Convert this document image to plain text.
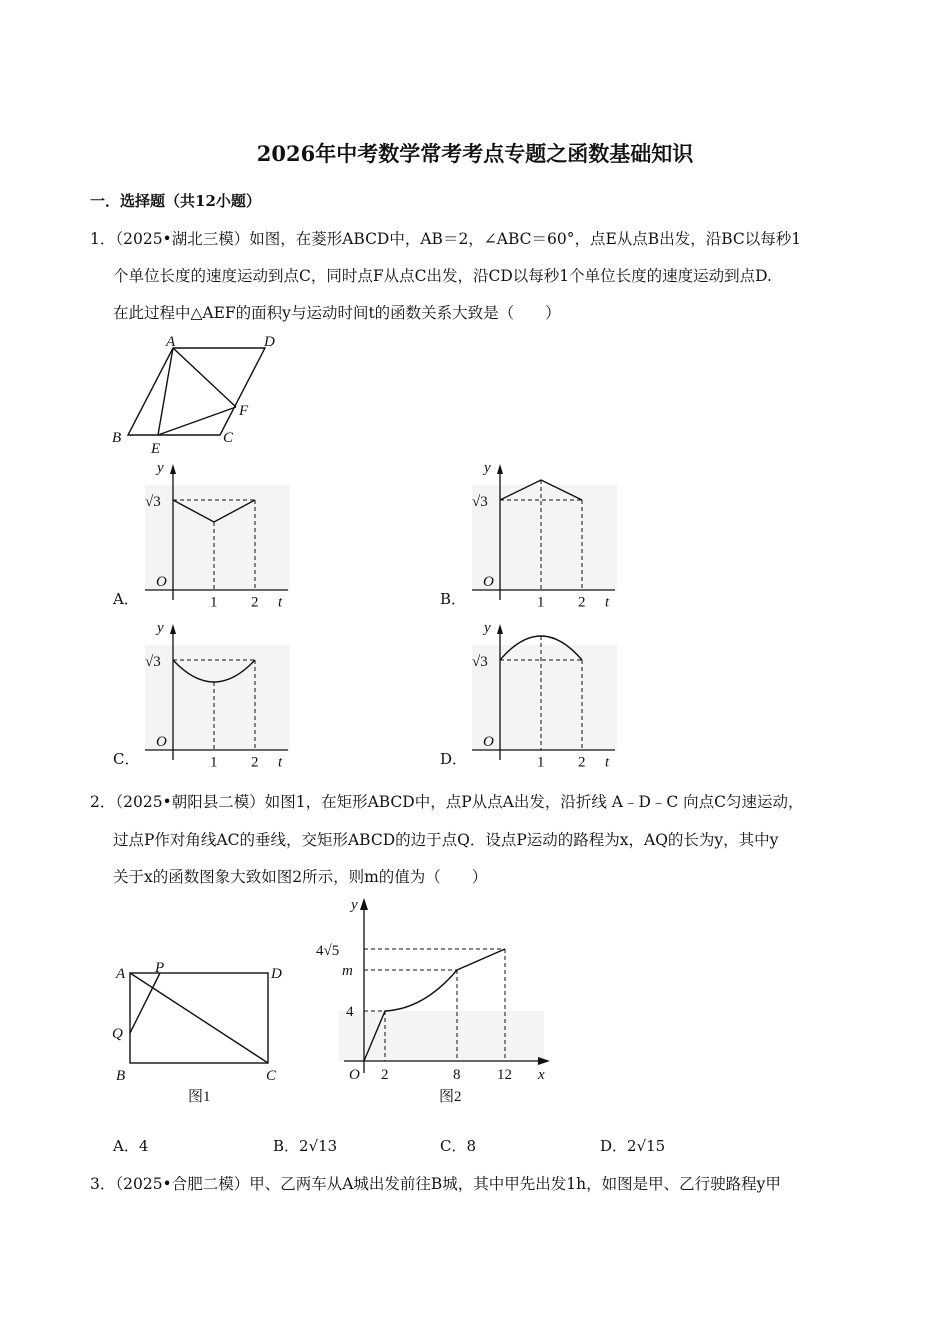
2026年中考数学常考考点专题之函数基础知识
一．选择题（共12小题）
1．（2025•湖北三模）如图，在菱形ABCD中，AB＝2，∠ABC＝60°，点E从点B出发，沿BC以每秒1
个单位长度的速度运动到点C，同时点F从点C出发，沿CD以每秒1个单位长度的速度运动到点D.
在此过程中△AEF的面积y与运动时间t的函数关系大致是（　　）
A	D
B	C
E
F
y
√3
O
1 2 t
y
√3
O
1 2 t
y
√3
O
1 2 t
y
√3
O
1 2 t
A P	D
Q
B	C
图1
y
4√5
m
4
O 2	8 12 x
图2
A．	B．
C．	D．
2．（2025•朝阳县二模）如图1，在矩形ABCD中，点P从点A出发，沿折线 A﹣D﹣C 向点C匀速运动，
过点P作对角线AC的垂线，交矩形ABCD的边于点Q．设点P运动的路程为x，AQ的长为y，其中y
关于x的函数图象大致如图2所示，则m的值为（　　）
A．4	B．2√13	C．8	D．2√15
3．（2025•合肥二模）甲、乙两车从A城出发前往B城，其中甲先出发1h，如图是甲、乙行驶路程y甲
